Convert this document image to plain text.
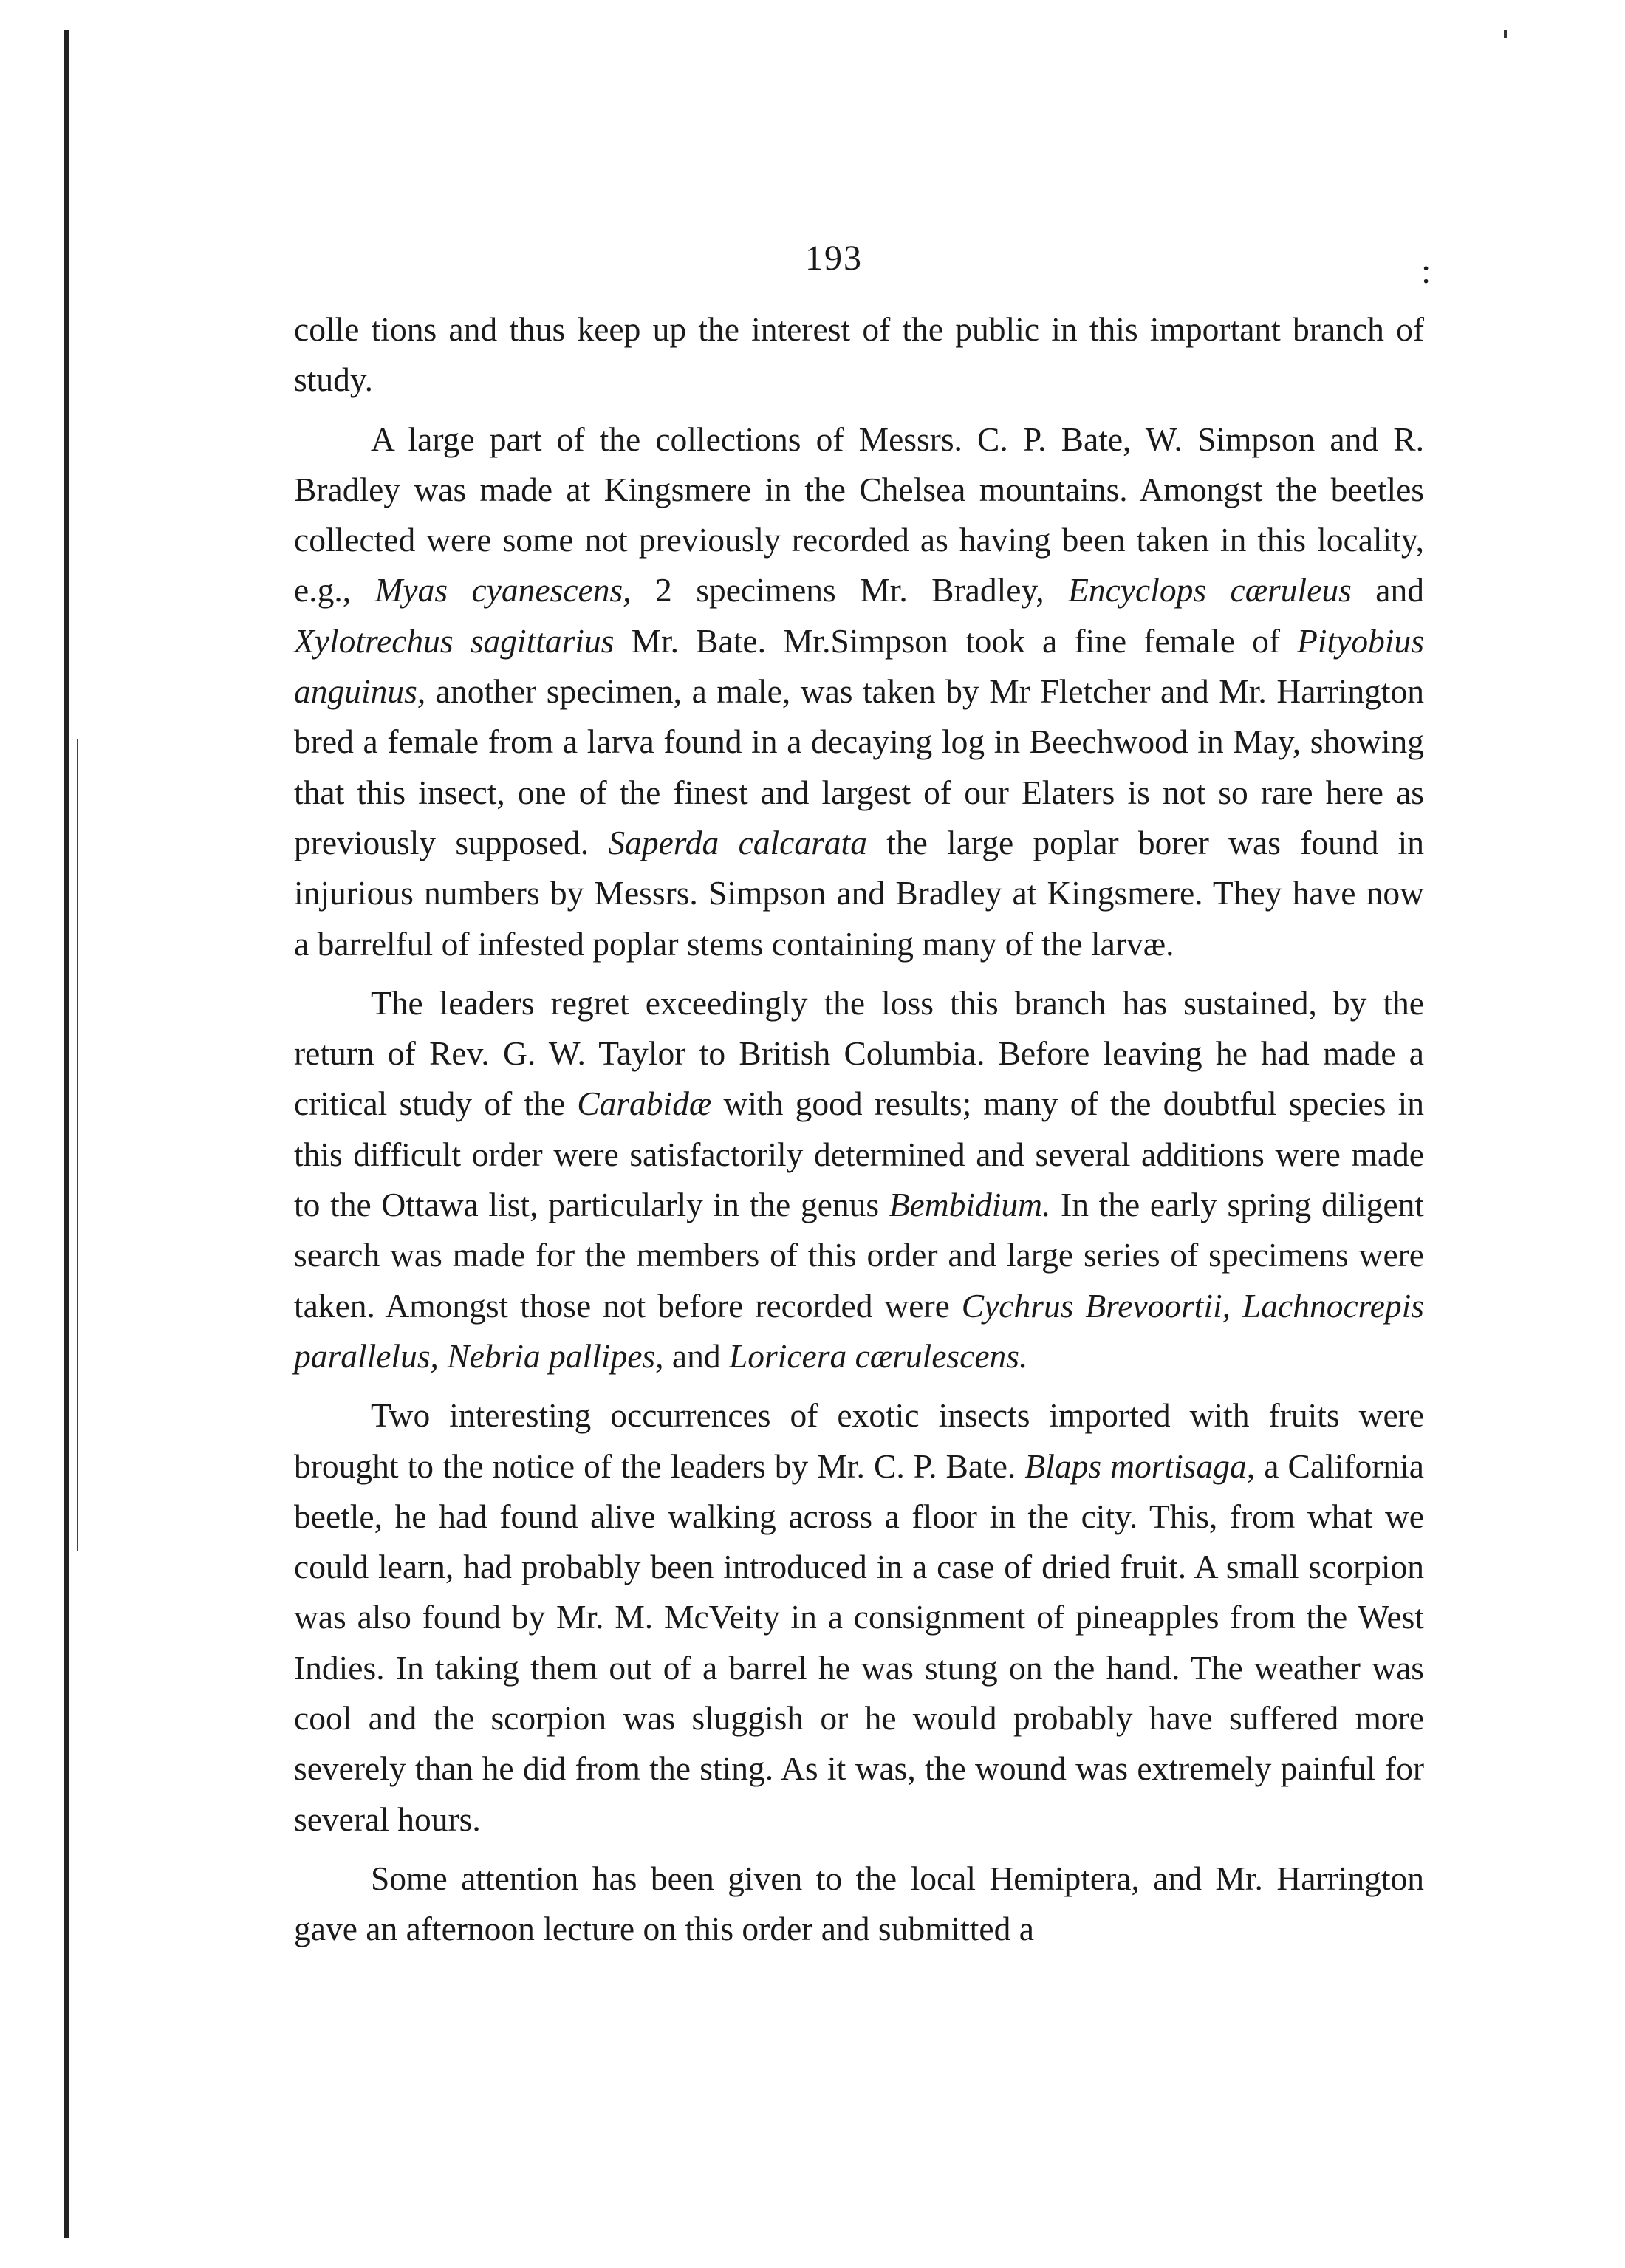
193	:

colle tions and thus keep up the interest of the public in this important branch of study.

A large part of the collections of Messrs. C. P. Bate, W. Simpson and R. Bradley was made at Kingsmere in the Chelsea mountains. Amongst the beetles collected were some not previously recorded as having been taken in this locality, e.g., Myas cyanescens, 2 specimens Mr. Bradley, Encyclops cæruleus and Xylotrechus sagittarius Mr. Bate. Mr.Simpson took a fine female of Pityobius anguinus, another specimen, a male, was taken by Mr Fletcher and Mr. Harrington bred a female from a larva found in a decaying log in Beechwood in May, showing that this insect, one of the finest and largest of our Elaters is not so rare here as previously supposed. Saperda calcarata the large poplar borer was found in injurious numbers by Messrs. Simpson and Bradley at Kingsmere. They have now a barrelful of infested poplar stems containing many of the larvæ.

The leaders regret exceedingly the loss this branch has sustained, by the return of Rev. G. W. Taylor to British Columbia. Before leaving he had made a critical study of the Carabidæ with good results; many of the doubtful species in this difficult order were satisfactorily determined and several additions were made to the Ottawa list, particularly in the genus Bembidium. In the early spring diligent search was made for the members of this order and large series of specimens were taken. Amongst those not before recorded were Cychrus Brevoortii, Lachnocrepis parallelus, Nebria pallipes, and Loricera cærulescens.

Two interesting occurrences of exotic insects imported with fruits were brought to the notice of the leaders by Mr. C. P. Bate. Blaps mortisaga, a California beetle, he had found alive walking across a floor in the city. This, from what we could learn, had probably been introduced in a case of dried fruit. A small scorpion was also found by Mr. M. McVeity in a consignment of pineapples from the West Indies. In taking them out of a barrel he was stung on the hand. The weather was cool and the scorpion was sluggish or he would probably have suffered more severely than he did from the sting. As it was, the wound was extremely painful for several hours.

Some attention has been given to the local Hemiptera, and Mr. Harrington gave an afternoon lecture on this order and submitted a
